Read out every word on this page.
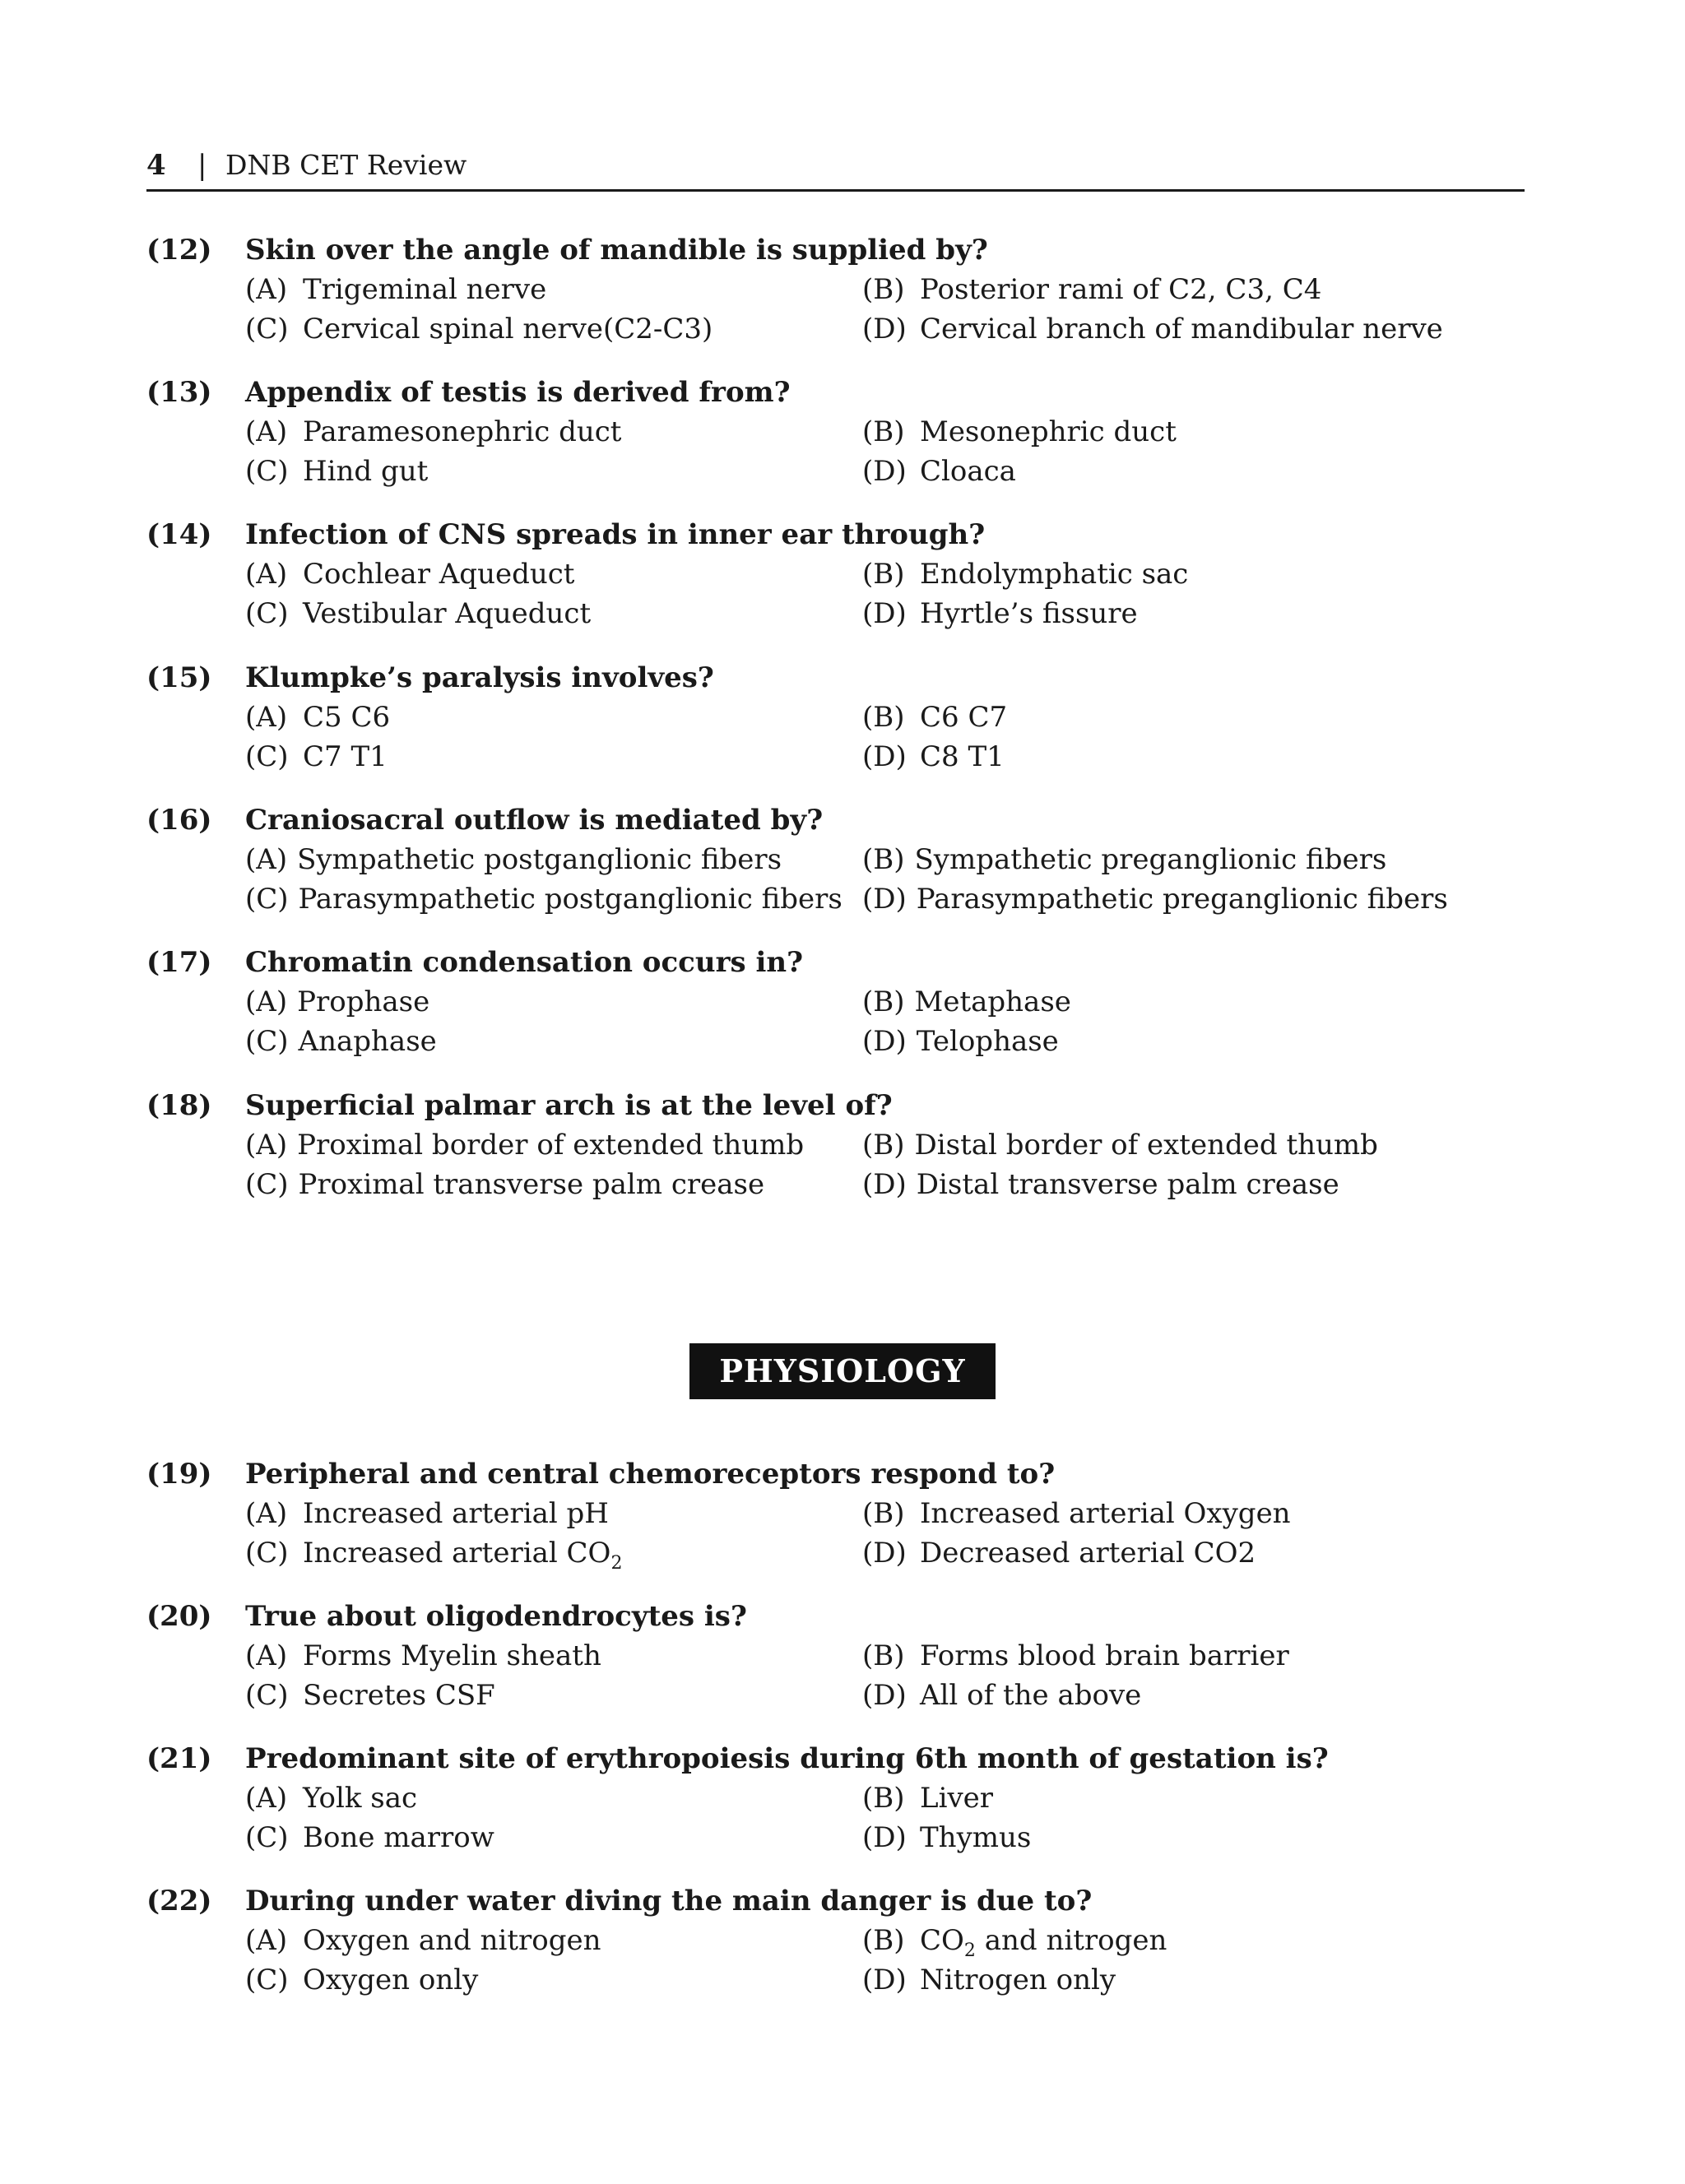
4 | DNB CET Review
(12) Skin over the angle of mandible is supplied by?
(A) Trigeminal nerve	(B) Posterior rami of C2, C3, C4
(C) Cervical spinal nerve(C2-C3)	(D) Cervical branch of mandibular nerve
(13) Appendix of testis is derived from?
(A) Paramesonephric duct	(B) Mesonephric duct
(C) Hind gut	(D) Cloaca
(14) Infection of CNS spreads in inner ear through?
(A) Cochlear Aqueduct	(B) Endolymphatic sac
(C) Vestibular Aqueduct	(D) Hyrtle’s fissure
(15) Klumpke’s paralysis involves?
(A) C5 C6	(B) C6 C7
(C) C7 T1	(D) C8 T1
(16) Craniosacral outflow is mediated by?
(A) Sympathetic postganglionic fibers	(B) Sympathetic preganglionic fibers
(C) Parasympathetic postganglionic fibers (D) Parasympathetic preganglionic fibers
(17) Chromatin condensation occurs in?
(A) Prophase	(B) Metaphase
(C) Anaphase	(D) Telophase
(18) Superficial palmar arch is at the level of?
(A) Proximal border of extended thumb (B) Distal border of extended thumb
(C) Proximal transverse palm crease	(D) Distal transverse palm crease
PHYSIOLOGY
(19) Peripheral and central chemoreceptors respond to?
(A) Increased arterial pH	(B) Increased arterial Oxygen
(C) Increased arterial $CO_2$	(D) Decreased arterial CO2
(20) True about oligodendrocytes is?
(A) Forms Myelin sheath	(B) Forms blood brain barrier
(C) Secretes CSF	(D) All of the above
(21) Predominant site of erythropoiesis during 6th month of gestation is?
(A) Yolk sac	(B) Liver
(C) Bone marrow	(D) Thymus
(22) During under water diving the main danger is due to?
(A) Oxygen and nitrogen	(B) $CO_2$ and nitrogen
(C) Oxygen only	(D) Nitrogen only
